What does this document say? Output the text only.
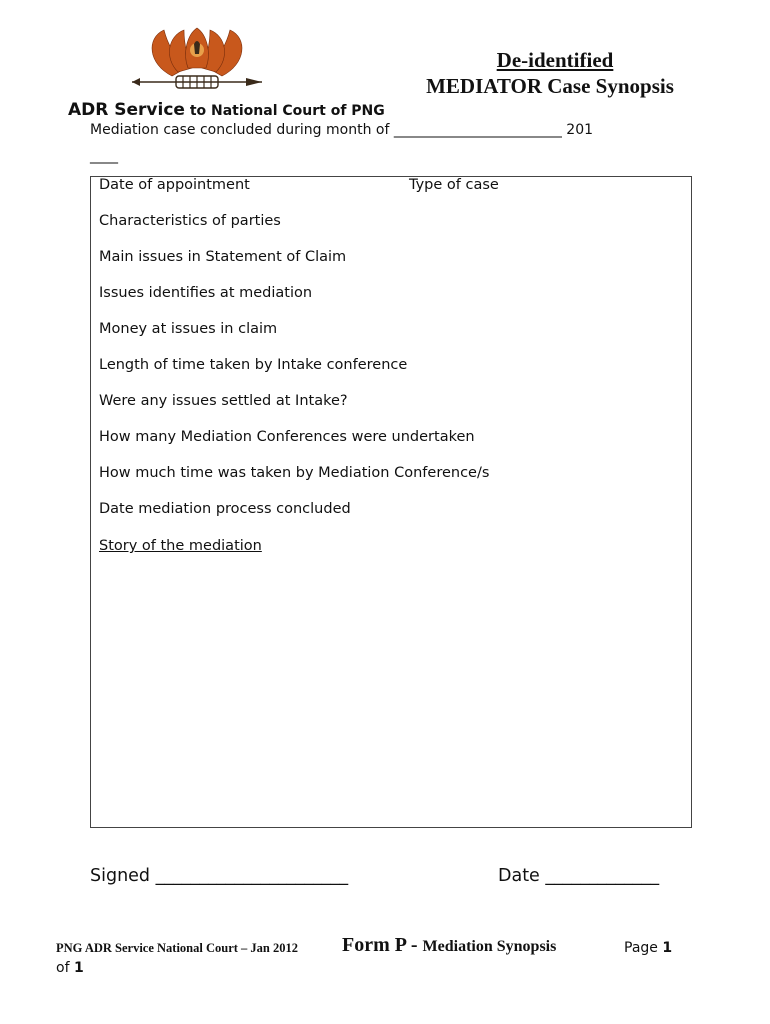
De-identified
MEDIATOR Case Synopsis
ADR Service to National Court of PNG
Mediation case concluded during month of ________________________ 201
____
Date of appointment	Type of case
Characteristics of parties
Main issues in Statement of Claim
Issues identifies at mediation
Money at issues in claim
Length of time taken by Intake conference
Were any issues settled at Intake?
How many Mediation Conferences were undertaken
How much time was taken by Mediation Conference/s
Date mediation process concluded
Story of the mediation
Signed ______________________	Date _____________
PNG ADR Service National Court – Jan 2012 Form P - Mediation Synopsis	Page 1
of 1
